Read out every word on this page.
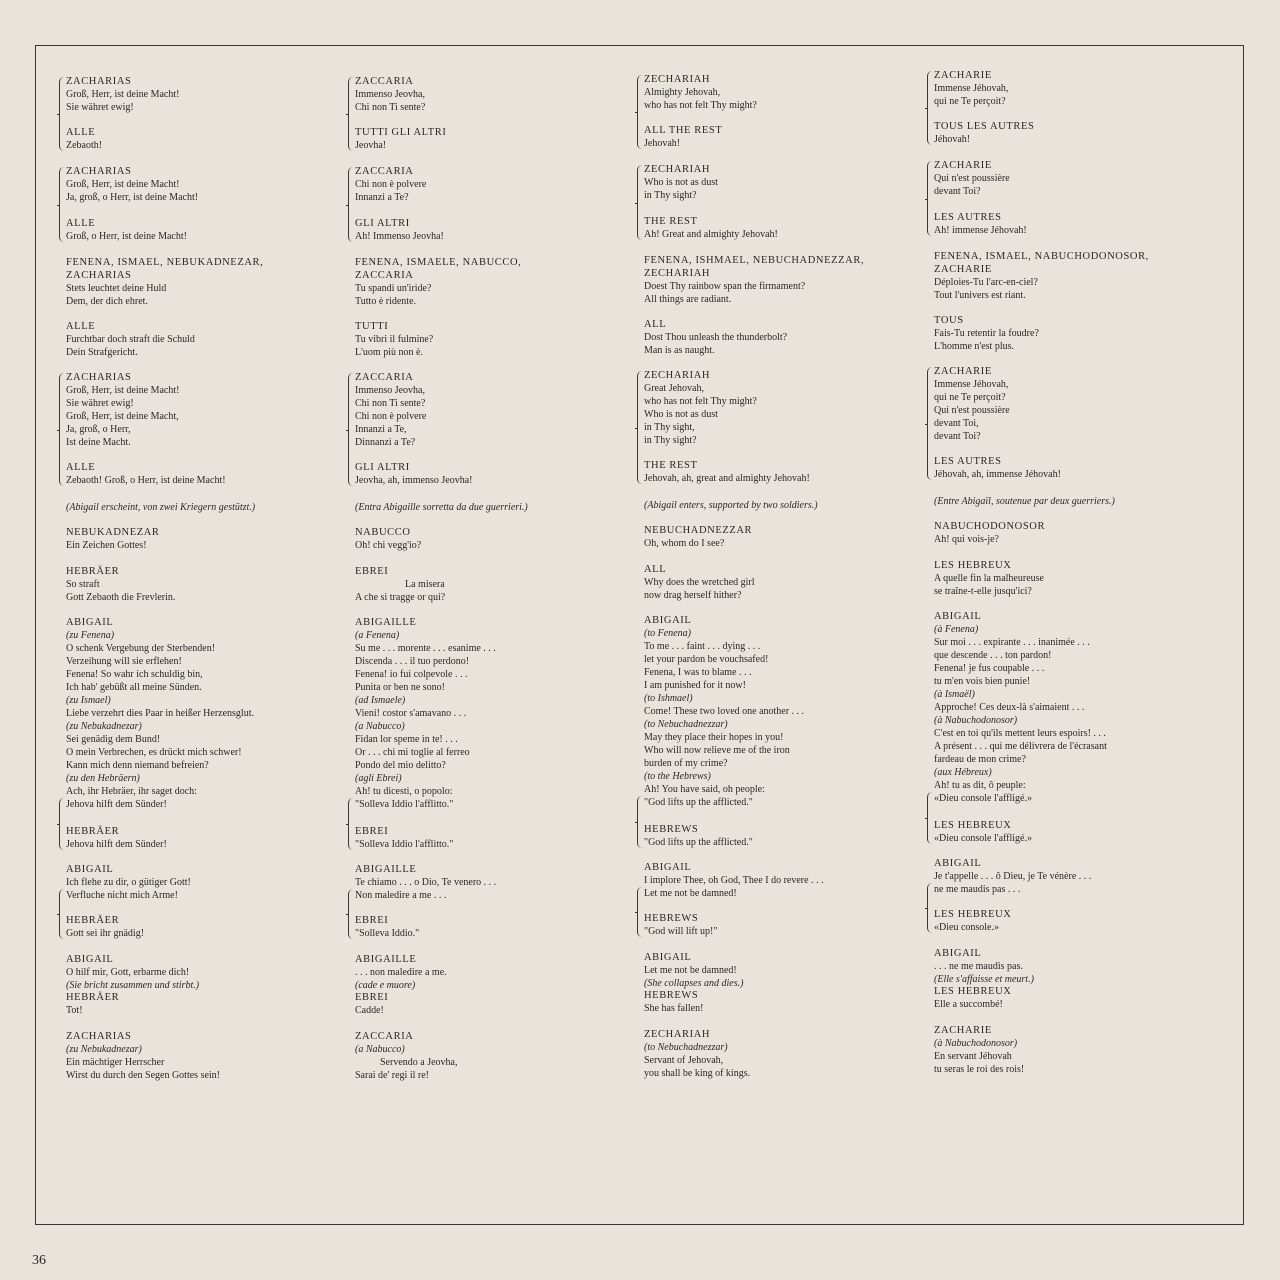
ZACHARIAS
Groß, Herr, ist deine Macht!
Sie währet ewig!
ALLE
Zebaoth!
ZACHARIAS
Groß, Herr, ist deine Macht!
Ja, groß, o Herr, ist deine Macht!
ALLE
Groß, o Herr, ist deine Macht!
FENENA, ISMAEL, NEBUKADNEZAR,
ZACHARIAS
Stets leuchtet deine Huld
Dem, der dich ehret.
ALLE
Furchtbar doch straft die Schuld
Dein Strafgericht.
ZACHARIAS
Groß, Herr, ist deine Macht!
Sie währet ewig!
Groß, Herr, ist deine Macht,
Ja, groß, o Herr,
Ist deine Macht.
ALLE
Zebaoth! Groß, o Herr, ist deine Macht!
(Abigail erscheint, von zwei Kriegern gestützt.)
NEBUKADNEZAR
Ein Zeichen Gottes!
HEBRÄER
So straft
Gott Zebaoth die Frevlerin.
ABIGAIL
(zu Fenena)
O schenk Vergebung der Sterbenden!
Verzeihung will sie erflehen!
Fenena! So wahr ich schuldig bin,
Ich hab' gebüßt all meine Sünden.
(zu Ismael)
Liebe verzehrt dies Paar in heißer Herzensglut.
(zu Nebukadnezar)
Sei genädig dem Bund!
O mein Verbrechen, es drückt mich schwer!
Kann mich denn niemand befreien?
(zu den Hebräern)
Ach, ihr Hebräer, ihr saget doch:
Jehova hilft dem Sünder!
HEBRÄER
Jehova hilft dem Sünder!
ABIGAIL
Ich flehe zu dir, o gütiger Gott!
Verfluche nicht mich Arme!
HEBRÄER
Gott sei ihr gnädig!
ABIGAIL
O hilf mir, Gott, erbarme dich!
(Sie bricht zusammen und stirbt.)
HEBRÄER
Tot!
ZACHARIAS
(zu Nebukadnezar)
Ein mächtiger Herrscher
Wirst du durch den Segen Gottes sein!
ZACCARIA
Immenso Jeovha,
Chi non Ti sente?
TUTTI GLI ALTRI
Jeovha!
ZACCARIA
Chi non è polvere
Innanzi a Te?
GLI ALTRI
Ah! Immenso Jeovha!
FENENA, ISMAELE, NABUCCO,
ZACCARIA
Tu spandi un'iride?
Tutto è ridente.
TUTTI
Tu vibri il fulmine?
L'uom più non è.
ZACCARIA
Immenso Jeovha,
Chi non Ti sente?
Chi non è polvere
Innanzi a Te,
Dinnanzi a Te?
GLI ALTRI
Jeovha, ah, immenso Jeovha!
(Entra Abigaille sorretta da due guerrieri.)
NABUCCO
Oh! chi vegg'io?
EBREI
La misera
A che si tragge or qui?
ABIGAILLE
(a Fenena)
Su me . . . morente . . . esanime . . .
Discenda . . . il tuo perdono!
Fenena! io fui colpevole . . .
Punita or ben ne sono!
(ad Ismaele)
Vieni! costor s'amavano . . .
(a Nabucco)
Fidan lor speme in te! . . .
Or . . . chi mi toglie al ferreo
Pondo del mio delitto?
(agli Ebrei)
Ah! tu dicesti, o popolo:
"Solleva Iddio l'afflitto."
EBREI
"Solleva Iddio l'afflitto."
ABIGAILLE
Te chiamo . . . o Dio, Te venero . . .
Non maledire a me . . .
EBREI
"Solleva Iddio."
ABIGAILLE
. . . non maledire a me.
(cade e muore)
EBREI
Cadde!
ZACCARIA
(a Nabucco)
Servendo a Jeovha,
Sarai de' regi il re!
ZECHARIAH
Almighty Jehovah,
who has not felt Thy might?
ALL THE REST
Jehovah!
ZECHARIAH
Who is not as dust
in Thy sight?
THE REST
Ah! Great and almighty Jehovah!
FENENA, ISHMAEL, NEBUCHADNEZZAR,
ZECHARIAH
Doest Thy rainbow span the firmament?
All things are radiant.
ALL
Dost Thou unleash the thunderbolt?
Man is as naught.
ZECHARIAH
Great Jehovah,
who has not felt Thy might?
Who is not as dust
in Thy sight,
in Thy sight?
THE REST
Jehovah, ah, great and almighty Jehovah!
(Abigail enters, supported by two soldiers.)
NEBUCHADNEZZAR
Oh, whom do I see?
ALL
Why does the wretched girl
now drag herself hither?
ABIGAIL
(to Fenena)
To me . . . faint . . . dying . . .
let your pardon be vouchsafed!
Fenena, I was to blame . . .
I am punished for it now!
(to Ishmael)
Come! These two loved one another . . .
(to Nebuchadnezzar)
May they place their hopes in you!
Who will now relieve me of the iron
burden of my crime?
(to the Hebrews)
Ah! You have said, oh people:
"God lifts up the afflicted."
HEBREWS
"God lifts up the afflicted."
ABIGAIL
I implore Thee, oh God, Thee I do revere . . .
Let me not be damned!
HEBREWS
"God will lift up!"
ABIGAIL
Let me not be damned!
(She collapses and dies.)
HEBREWS
She has fallen!
ZECHARIAH
(to Nebuchadnezzar)
Servant of Jehovah,
you shall be king of kings.
ZACHARIE
Immense Jéhovah,
qui ne Te perçoit?
TOUS LES AUTRES
Jéhovah!
ZACHARIE
Qui n'est poussière
devant Toi?
LES AUTRES
Ah! immense Jéhovah!
FENENA, ISMAEL, NABUCHODONOSOR,
ZACHARIE
Déploies-Tu l'arc-en-ciel?
Tout l'univers est riant.
TOUS
Fais-Tu retentir la foudre?
L'homme n'est plus.
ZACHARIE
Immense Jéhovah,
qui ne Te perçoit?
Qui n'est poussière
devant Toi,
devant Toi?
LES AUTRES
Jéhovah, ah, immense Jéhovah!
(Entre Abigaïl, soutenue par deux guerriers.)
NABUCHODONOSOR
Ah! qui vois-je?
LES HEBREUX
A quelle fin la malheureuse
se traîne-t-elle jusqu'ici?
ABIGAIL
(à Fenena)
Sur moi . . . expirante . . . inanimée . . .
que descende . . . ton pardon!
Fenena! je fus coupable . . .
tu m'en vois bien punie!
(à Ismaël)
Approche! Ces deux-là s'aimaient . . .
(à Nabuchodonosor)
C'est en toi qu'ils mettent leurs espoirs! . . .
A présent . . . qui me délivrera de l'écrasant
fardeau de mon crime?
(aux Hébreux)
Ah! tu as dit, ô peuple:
«Dieu console l'affligé.»
LES HEBREUX
«Dieu console l'affligé.»
ABIGAIL
Je t'appelle . . . ô Dieu, je Te vénère . . .
ne me maudis pas . . .
LES HEBREUX
«Dieu console.»
ABIGAIL
. . . ne me maudis pas.
(Elle s'affaisse et meurt.)
LES HEBREUX
Elle a succombé!
ZACHARIE
(à Nabuchodonosor)
En servant Jéhovah
tu seras le roi des rois!
36
